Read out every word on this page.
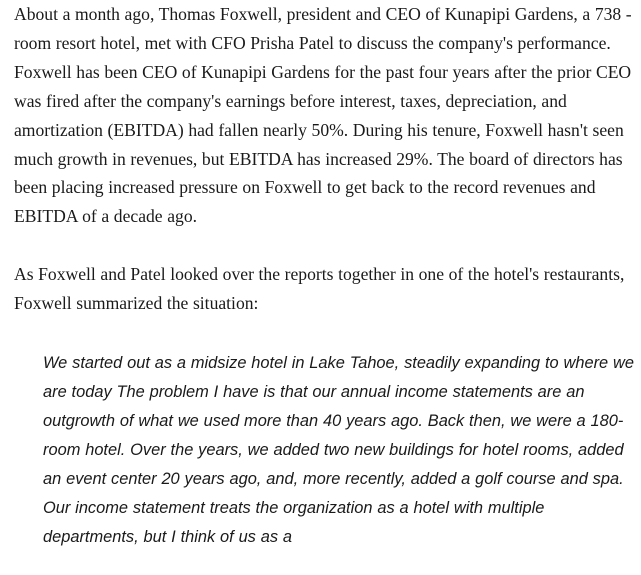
About a month ago, Thomas Foxwell, president and CEO of Kunapipi Gardens, a 738 - room resort hotel, met with CFO Prisha Patel to discuss the company's performance. Foxwell has been CEO of Kunapipi Gardens for the past four years after the prior CEO was fired after the company's earnings before interest, taxes, depreciation, and amortization (EBITDA) had fallen nearly 50%. During his tenure, Foxwell hasn't seen much growth in revenues, but EBITDA has increased 29%. The board of directors has been placing increased pressure on Foxwell to get back to the record revenues and EBITDA of a decade ago.

As Foxwell and Patel looked over the reports together in one of the hotel's restaurants, Foxwell summarized the situation:

We started out as a midsize hotel in Lake Tahoe, steadily expanding to where we are today The problem I have is that our annual income statements are an outgrowth of what we used more than 40 years ago. Back then, we were a 180-room hotel. Over the years, we added two new buildings for hotel rooms, added an event center 20 years ago, and, more recently, added a golf course and spa. Our income statement treats the organization as a hotel with multiple departments, but I think of us as a
